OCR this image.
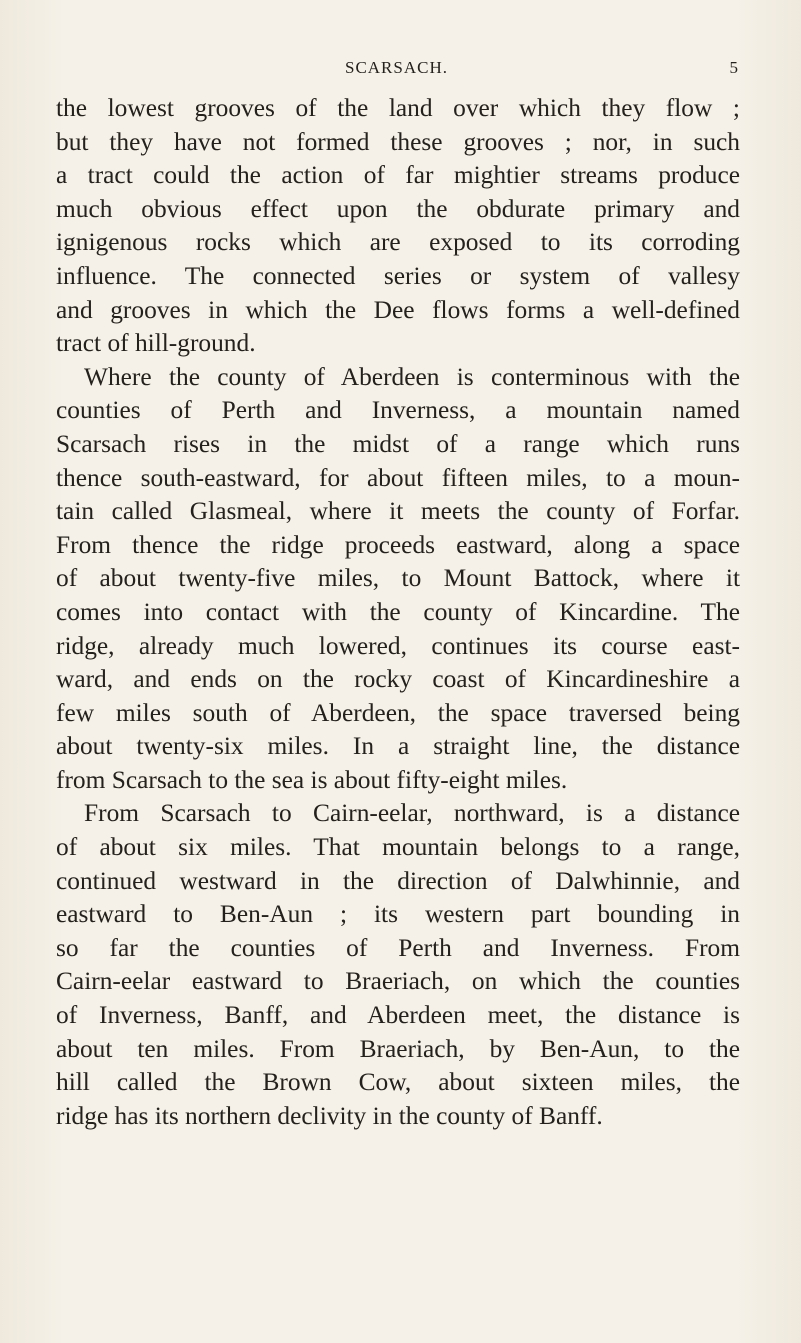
SCARSACH.	5
the lowest grooves of the land over which they flow ;
but they have not formed these grooves ; nor, in such
a tract could the action of far mightier streams produce
much obvious effect upon the obdurate primary and
ignigenous rocks which are exposed to its corroding
influence. The connected series or system of vallesy
and grooves in which the Dee flows forms a well-defined
tract of hill-ground.
Where the county of Aberdeen is conterminous with the
counties of Perth and Inverness, a mountain named
Scarsach rises in the midst of a range which runs
thence south-eastward, for about fifteen miles, to a moun-
tain called Glasmeal, where it meets the county of Forfar.
From thence the ridge proceeds eastward, along a space
of about twenty-five miles, to Mount Battock, where it
comes into contact with the county of Kincardine. The
ridge, already much lowered, continues its course east-
ward, and ends on the rocky coast of Kincardineshire a
few miles south of Aberdeen, the space traversed being
about twenty-six miles. In a straight line, the distance
from Scarsach to the sea is about fifty-eight miles.
From Scarsach to Cairn-eelar, northward, is a distance
of about six miles. That mountain belongs to a range,
continued westward in the direction of Dalwhinnie, and
eastward to Ben-Aun ; its western part bounding in
so far the counties of Perth and Inverness. From
Cairn-eelar eastward to Braeriach, on which the counties
of Inverness, Banff, and Aberdeen meet, the distance is
about ten miles. From Braeriach, by Ben-Aun, to the
hill called the Brown Cow, about sixteen miles, the
ridge has its northern declivity in the county of Banff.
